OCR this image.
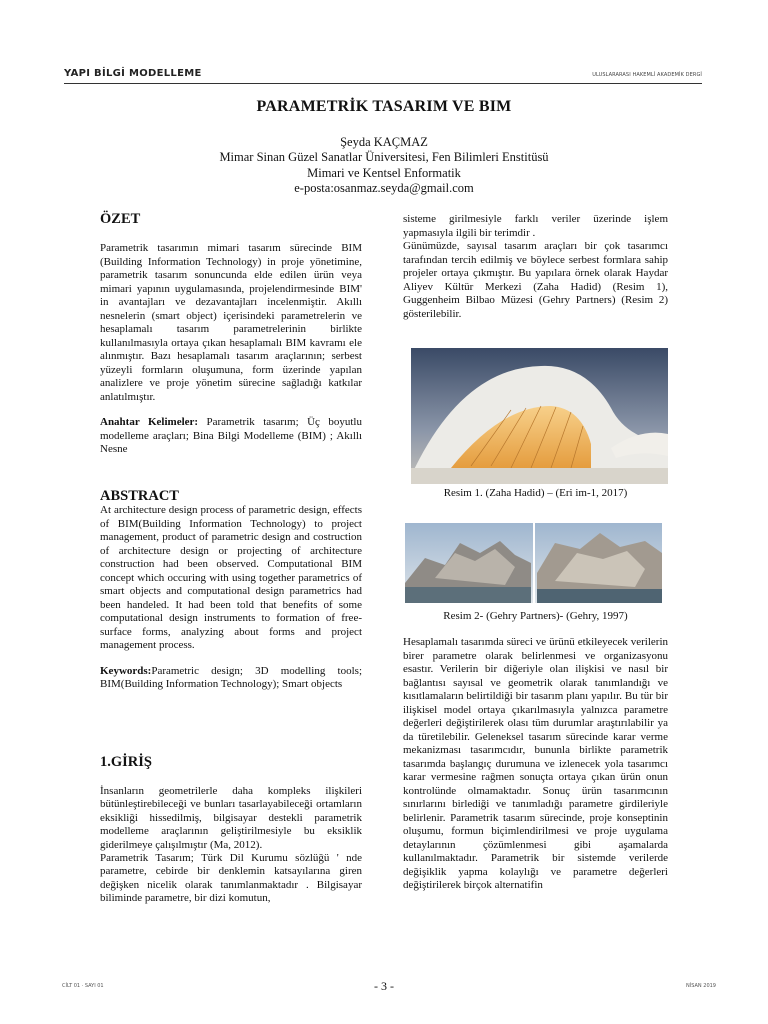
YAPI BİLGİ MODELLEME	ULUSLARARASI HAKEMLİ AKADEMİK DERGİ
PARAMETRİK TASARIM VE BIM
Şeyda KAÇMAZ
Mimar Sinan Güzel Sanatlar Üniversitesi, Fen Bilimleri Enstitüsü
Mimari ve Kentsel Enformatik
e-posta:osanmaz.seyda@gmail.com
ÖZET

Parametrik tasarımın mimari tasarım sürecinde BIM (Building Information Technology) in proje yönetimine, parametrik tasarım sonuncunda elde edilen ürün veya mimari yapının uygulamasında, projelendirmesinde BIM' in avantajları ve dezavantajları incelenmiştir. Akıllı nesnelerin (smart object) içerisindeki parametrelerin ve hesaplamalı tasarım parametrelerinin birlikte kullanılmasıyla ortaya çıkan hesaplamalı BIM kavramı ele alınmıştır. Bazı hesaplamalı tasarım araçlarının; serbest yüzeyli formların oluşumuna, form üzerinde yapılan analizlere ve proje yönetim sürecine sağladığı katkılar anlatılmıştır.

Anahtar Kelimeler: Parametrik tasarım; Üç boyutlu modelleme araçları; Bina Bilgi Modelleme (BIM) ; Akıllı Nesne

ABSTRACT

At architecture design process of parametric design, effects of BIM(Building Information Technology) to project management, product of parametric design and costruction of architecture design or projecting of architecture construction had been observed. Computational BIM concept which occuring with using together parametrics of smart objects and computational design parametrics had been handeled. It had been told that benefits of some computational design instruments to formation of free-surface forms, analyzing about forms and project management process.

Keywords:Parametric design; 3D modelling tools; BIM(Building Information Technology); Smart objects

1.GİRİŞ

İnsanların geometrilerle daha kompleks ilişkileri bütünleştirebileceği ve bunları tasarlayabileceği ortamların eksikliği hissedilmiş, bilgisayar destekli parametrik modelleme araçlarının geliştirilmesiyle bu eksiklik giderilmeye çalışılmıştır (Ma, 2012).

Parametrik Tasarım; Türk Dil Kurumu sözlüğü ' nde parametre, cebirde bir denklemin katsayılarına giren değişken nicelik olarak tanımlanmaktadır . Bilgisayar biliminde parametre, bir dizi komutun,

sisteme girilmesiyle farklı veriler üzerinde işlem yapmasıyla ilgili bir terimdir .

Günümüzde, sayısal tasarım araçları bir çok tasarımcı tarafından tercih edilmiş ve böylece serbest formlara sahip projeler ortaya çıkmıştır. Bu yapılara örnek olarak Haydar Aliyev Kültür Merkezi (Zaha Hadid) (Resim 1), Guggenheim Bilbao Müzesi (Gehry Partners) (Resim 2) gösterilebilir.

Resim 1. (Zaha Hadid) – (Eri im-1, 2017)
Resim 2- (Gehry Partners)- (Gehry, 1997)

Hesaplamalı tasarımda süreci ve ürünü etkileyecek verilerin birer parametre olarak belirlenmesi ve organizasyonu esastır. Verilerin bir diğeriyle olan ilişkisi ve nasıl bir bağlantısı sayısal ve geometrik olarak tanımlandığı ve kısıtlamaların belirtildiği bir tasarım planı yapılır. Bu tür bir ilişkisel model ortaya çıkarılmasıyla yalnızca parametre değerleri değiştirilerek olası tüm durumlar araştırılabilir ya da türetilebilir. Geleneksel tasarım sürecinde karar verme mekanizması tasarımcıdır, bununla birlikte parametrik tasarımda başlangıç durumuna ve izlenecek yola tasarımcı karar vermesine rağmen sonuçta ortaya çıkan ürün onun kontrolünde olmamaktadır. Sonuç ürün tasarımcının sınırlarını birlediği ve tanımladığı parametre girdileriyle belirlenir. Parametrik tasarım sürecinde, proje konseptinin oluşumu, formun biçimlendirilmesi ve proje uygulama detaylarının çözümlenmesi gibi aşamalarda kullanılmaktadır. Parametrik bir sistemde verilerde değişiklik yapma kolaylığı ve parametre değerleri değiştirilerek birçok alternatifin

CİLT 01 · SAYI 01	- 3 -	NİSAN 2019
